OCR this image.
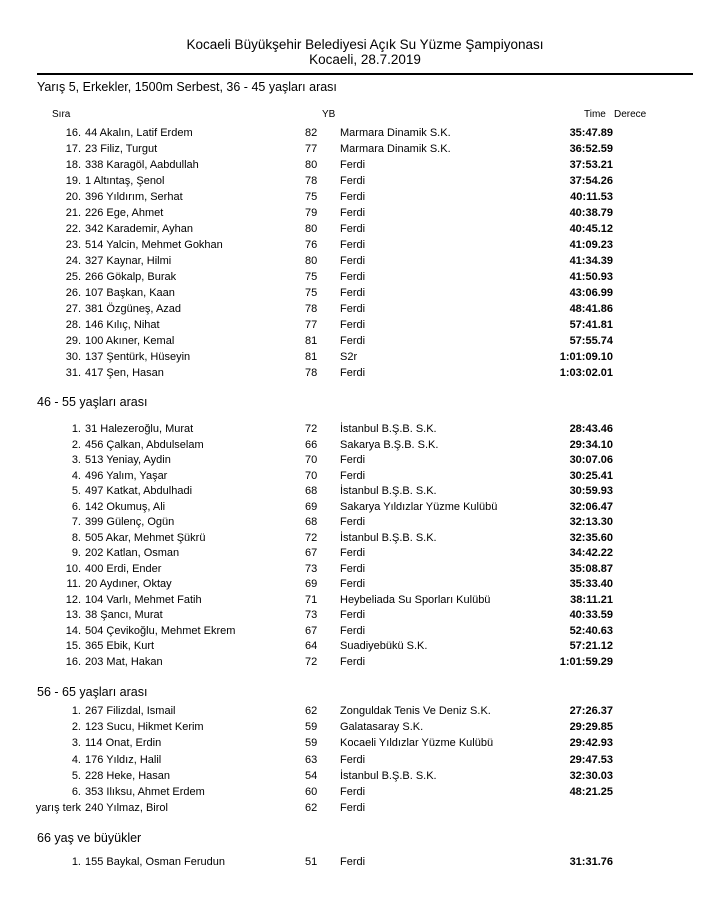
Kocaeli Büyükşehir Belediyesi Açık Su Yüzme Şampiyonası
Kocaeli, 28.7.2019
Yarış 5, Erkekler, 1500m Serbest, 36 - 45 yaşları arası
Sıra	YB	Time Derece
16. 44 Akalın, Latif Erdem	82 Marmara Dinamik S.K.	35:47.89
17. 23 Filiz, Turgut	77 Marmara Dinamik S.K.	36:52.59
18. 338 Karagöl, Aabdullah	80 Ferdi	37:53.21
19. 1 Altıntaş, Şenol	78 Ferdi	37:54.26
20. 396 Yıldırım, Serhat	75 Ferdi	40:11.53
21. 226 Ege, Ahmet	79 Ferdi	40:38.79
22. 342 Karademir, Ayhan	80 Ferdi	40:45.12
23. 514 Yalcin, Mehmet Gokhan	76 Ferdi	41:09.23
24. 327 Kaynar, Hilmi	80 Ferdi	41:34.39
25. 266 Gökalp, Burak	75 Ferdi	41:50.93
26. 107 Başkan, Kaan	75 Ferdi	43:06.99
27. 381 Özgüneş, Azad	78 Ferdi	48:41.86
28. 146 Kılıç, Nihat	77 Ferdi	57:41.81
29. 100 Akıner, Kemal	81 Ferdi	57:55.74
30. 137 Şentürk, Hüseyin	81 S2r	1:01:09.10
31. 417 Şen, Hasan	78 Ferdi	1:03:02.01
46 - 55 yaşları arası
1. 31 Halezeroğlu, Murat	72 İstanbul B.Ş.B. S.K.	28:43.46
2. 456 Çalkan, Abdulselam	66 Sakarya B.Ş.B. S.K.	29:34.10
3. 513 Yeniay, Aydin	70 Ferdi	30:07.06
4. 496 Yalım, Yaşar	70 Ferdi	30:25.41
5. 497 Katkat, Abdulhadi	68 İstanbul B.Ş.B. S.K.	30:59.93
6. 142 Okumuş, Ali	69 Sakarya Yıldızlar Yüzme Kulübü	32:06.47
7. 399 Gülenç, Ogün	68 Ferdi	32:13.30
8. 505 Akar, Mehmet Şükrü	72 İstanbul B.Ş.B. S.K.	32:35.60
9. 202 Katlan, Osman	67 Ferdi	34:42.22
10. 400 Erdi, Ender	73 Ferdi	35:08.87
11. 20 Aydıner, Oktay	69 Ferdi	35:33.40
12. 104 Varlı, Mehmet Fatih	71 Heybeliada Su Sporları Kulübü	38:11.21
13. 38 Şancı, Murat	73 Ferdi	40:33.59
14. 504 Çevikoğlu, Mehmet Ekrem	67 Ferdi	52:40.63
15. 365 Ebik, Kurt	64 Suadiyebükü S.K.	57:21.12
16. 203 Mat, Hakan	72 Ferdi	1:01:59.29
56 - 65 yaşları arası
1. 267 Filizdal, Ismail	62 Zonguldak Tenis Ve Deniz S.K.	27:26.37
2. 123 Sucu, Hikmet Kerim	59 Galatasaray S.K.	29:29.85
3. 114 Onat, Erdin	59 Kocaeli Yıldızlar Yüzme Kulübü	29:42.93
4. 176 Yıldız, Halil	63 Ferdi	29:47.53
5. 228 Heke, Hasan	54 İstanbul B.Ş.B. S.K.	32:30.03
6. 353 Ilıksu, Ahmet Erdem	60 Ferdi	48:21.25
yarış terk 240 Yılmaz, Birol	62 Ferdi
66 yaş ve büyükler
1. 155 Baykal, Osman Ferudun	51 Ferdi	31:31.76
